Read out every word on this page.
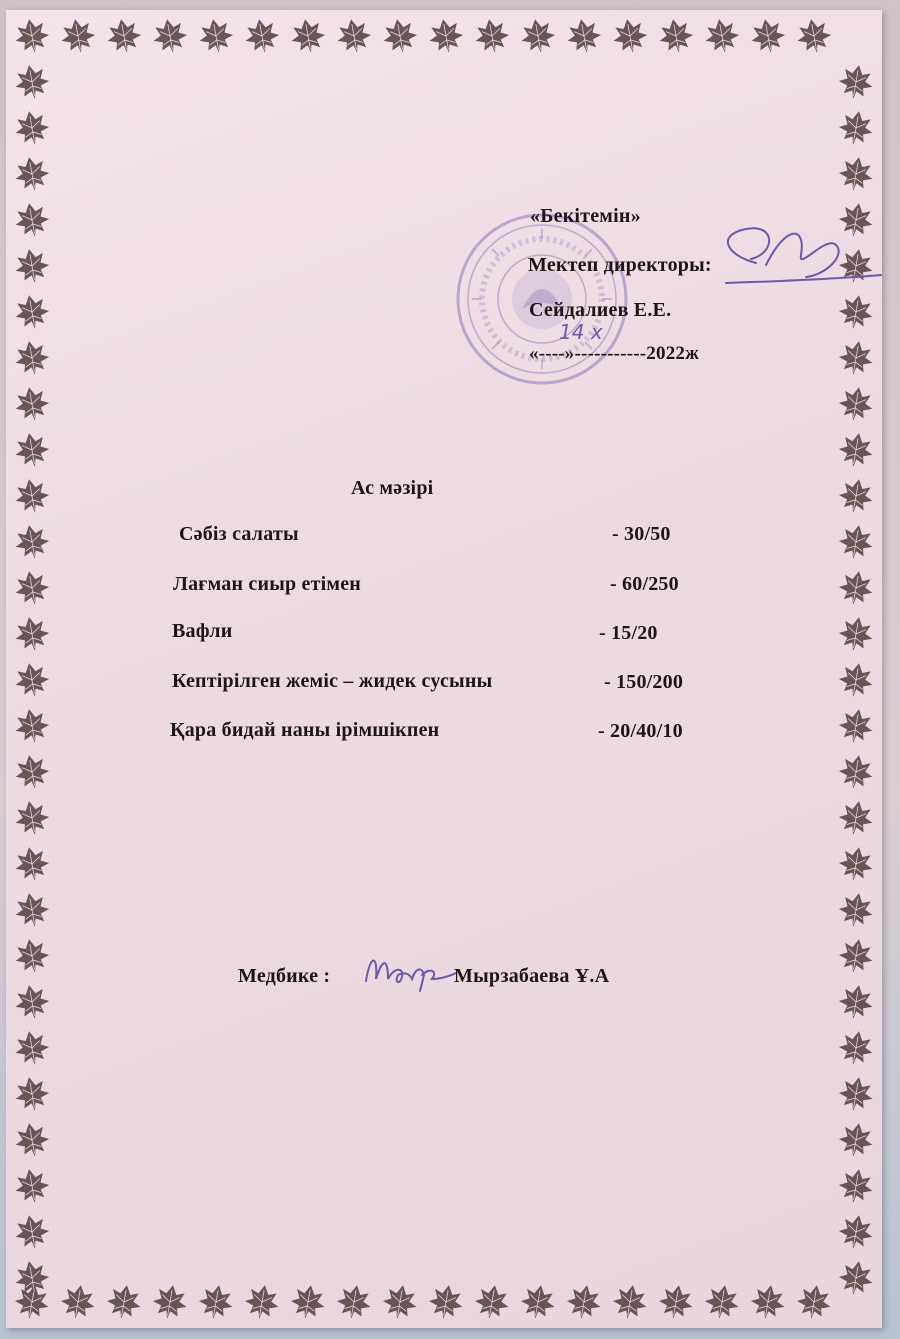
«Бекітемін»
Мектеп директоры:
Сейдалиев Е.Е.
«----»-----------2022ж
14 х
Ас мәзірі
Сәбіз салаты	- 30/50
Лағман сиыр етімен	- 60/250
Вафли	- 15/20
Кептірілген жеміс – жидек сусыны	- 150/200
Қара бидай наны ірімшікпен	- 20/40/10
Медбике :	Мырзабаева Ұ.А
